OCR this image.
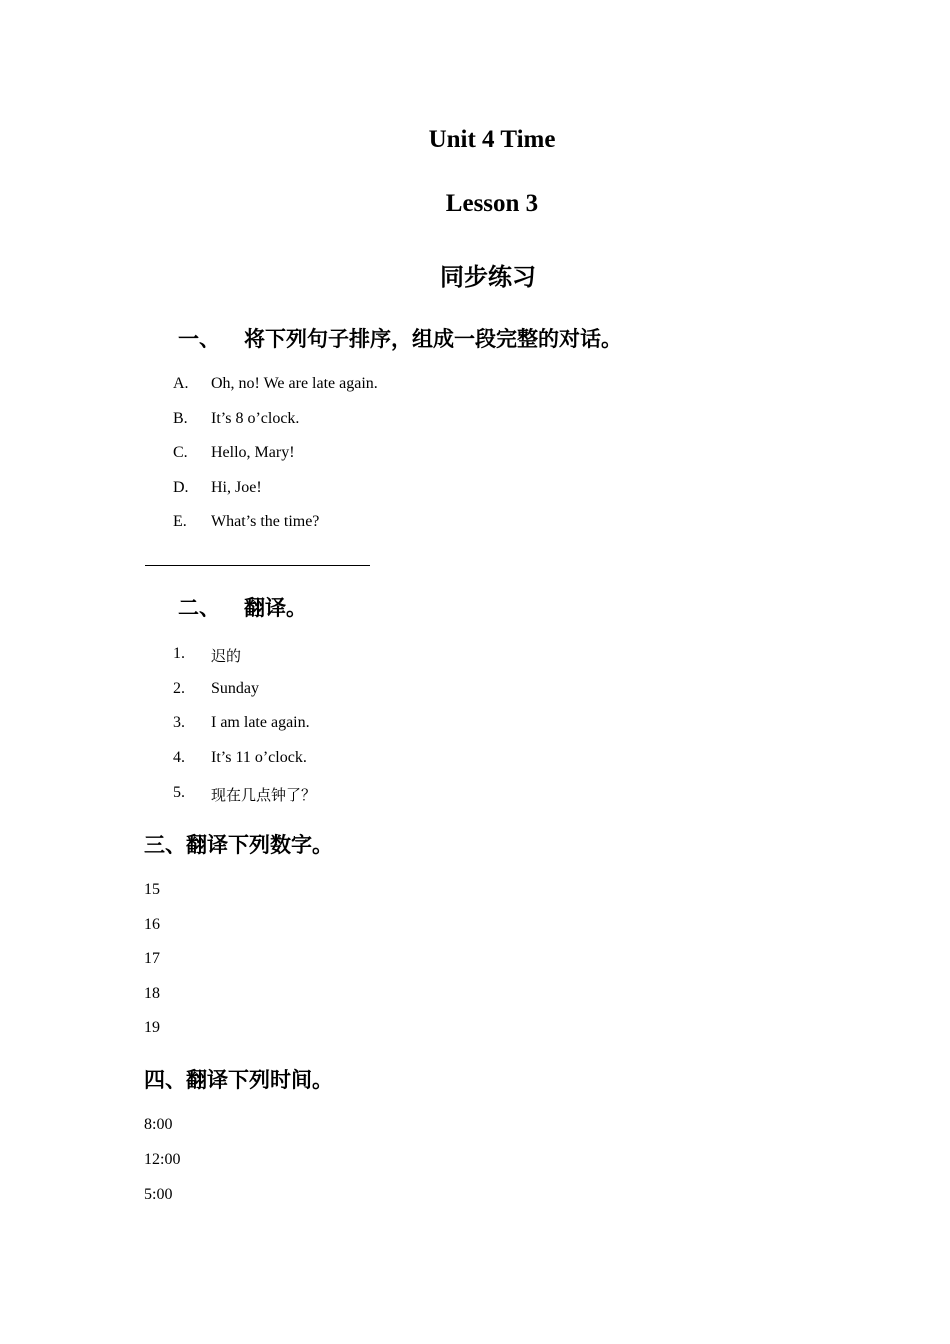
Unit 4 Time
Lesson 3
同步练习
一、 将下列句子排序，组成一段完整的对话。
A. Oh, no! We are late again.
B. It’s 8 o’clock.
C. Hello, Mary!
D. Hi, Joe!
E. What’s the time?
二、 翻译。
1. 迟的
2. Sunday
3. I am late again.
4. It’s 11 o’clock.
5. 现在几点钟了？
三、翻译下列数字。
15
16
17
18
19
四、翻译下列时间。
8:00
12:00
5:00
